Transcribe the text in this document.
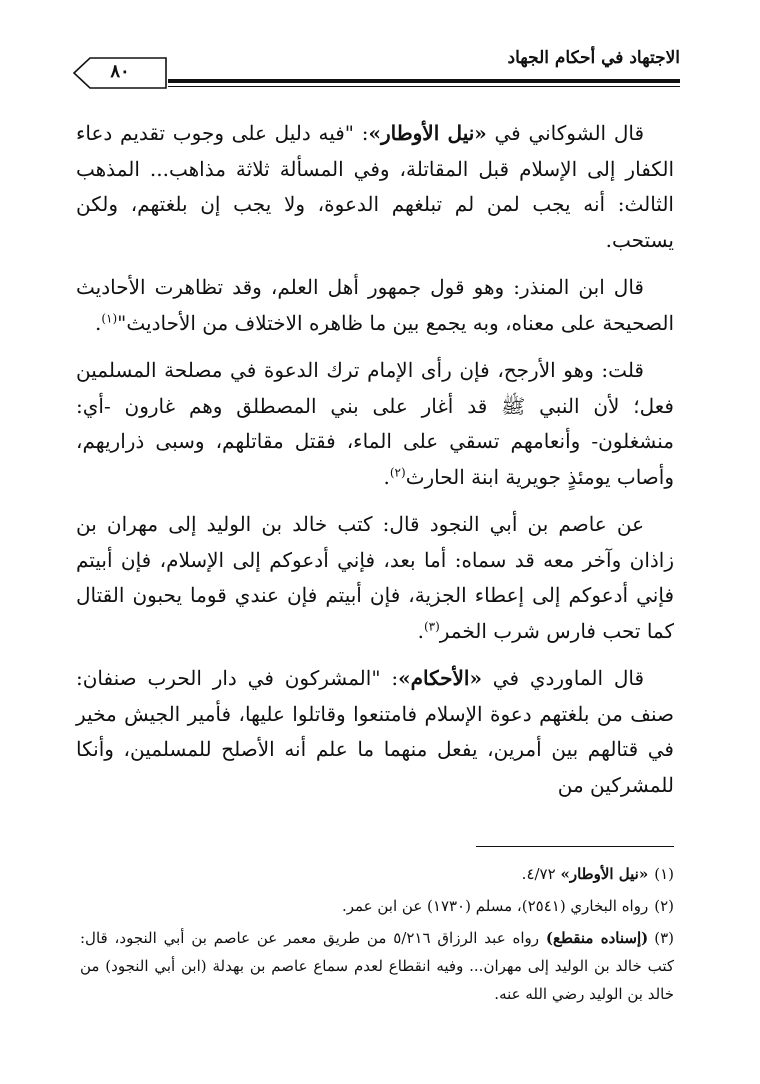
الاجتهاد في أحكام الجهاد
٨٠

قال الشوكاني في «نيل الأوطار»: "فيه دليل على وجوب تقديم دعاء الكفار إلى الإسلام قبل المقاتلة، وفي المسألة ثلاثة مذاهب... المذهب الثالث: أنه يجب لمن لم تبلغهم الدعوة، ولا يجب إن بلغتهم، ولكن يستحب.

قال ابن المنذر: وهو قول جمهور أهل العلم، وقد تظاهرت الأحاديث الصحيحة على معناه، وبه يجمع بين ما ظاهره الاختلاف من الأحاديث"$^{(١)}$.

قلت: وهو الأرجح، فإن رأى الإمام ترك الدعوة في مصلحة المسلمين فعل؛ لأن النبي ﷺ قد أغار على بني المصطلق وهم غارون -أي: منشغلون- وأنعامهم تسقي على الماء، فقتل مقاتلهم، وسبى ذراريهم، وأصاب يومئذٍ جويرية ابنة الحارث$^{(٢)}$.

عن عاصم بن أبي النجود قال: كتب خالد بن الوليد إلى مهران بن زاذان وآخر معه قد سماه: أما بعد، فإني أدعوكم إلى الإسلام، فإن أبيتم فإني أدعوكم إلى إعطاء الجزية، فإن أبيتم فإن عندي قوما يحبون القتال كما تحب فارس شرب الخمر$^{(٣)}$.

قال الماوردي في «الأحكام»: "المشركون في دار الحرب صنفان: صنف من بلغتهم دعوة الإسلام فامتنعوا وقاتلوا عليها، فأمير الجيش مخير في قتالهم بين أمرين، يفعل منهما ما علم أنه الأصلح للمسلمين، وأنكا للمشركين من

(١)«نيل الأوطار» ٤/٧٢.
(٢)رواه البخاري (٢٥٤١)، مسلم (١٧٣٠) عن ابن عمر.
(٣)(إسناده منقطع) رواه عبد الرزاق ٥/٢١٦ من طريق معمر عن عاصم بن أبي النجود، قال: كتب خالد بن الوليد إلى مهران... وفيه انقطاع لعدم سماع عاصم بن بهدلة (ابن أبي النجود) من خالد بن الوليد رضي الله عنه.
